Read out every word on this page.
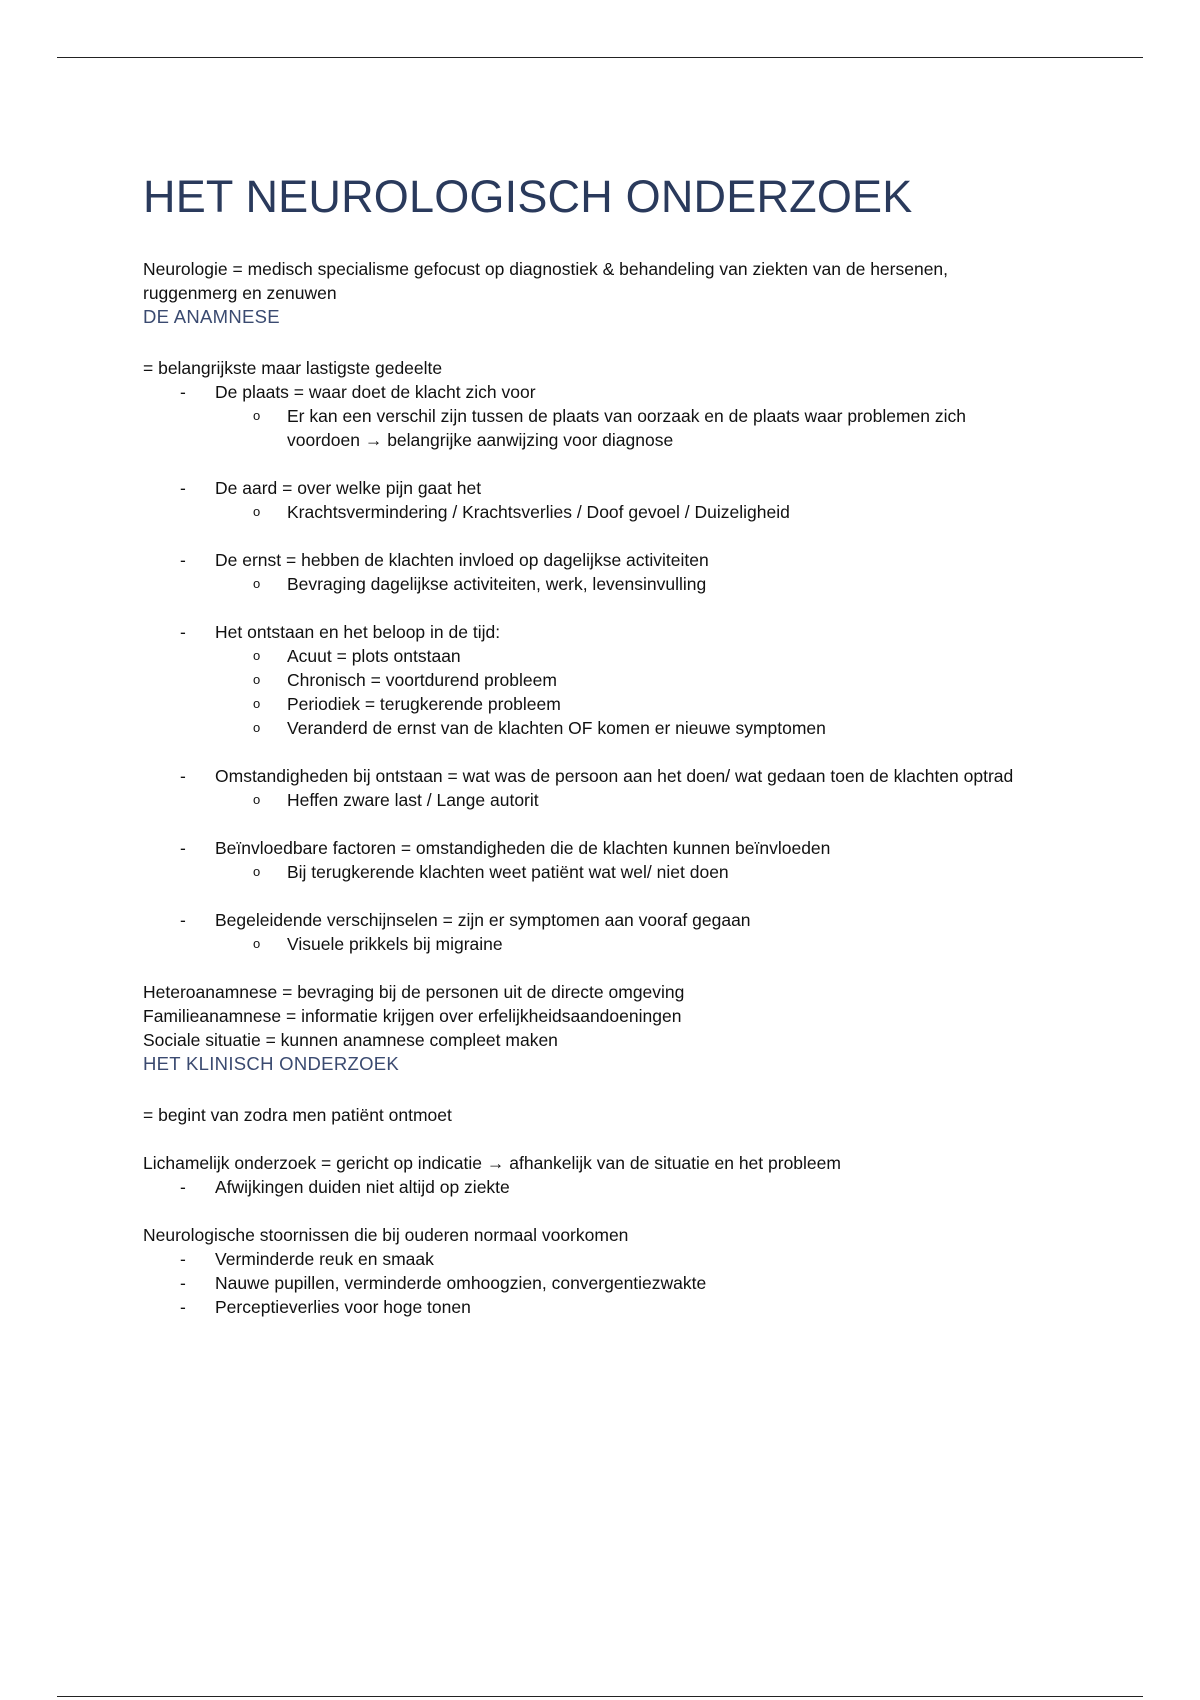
HET NEUROLOGISCH ONDERZOEK

Neurologie = medisch specialisme gefocust op diagnostiek & behandeling van ziekten van de hersenen, ruggenmerg en zenuwen

DE ANAMNESE

= belangrijkste maar lastigste gedeelte

- De plaats = waar doet de klacht zich voor
o Er kan een verschil zijn tussen de plaats van oorzaak en de plaats waar problemen zich voordoen → belangrijke aanwijzing voor diagnose
- De aard = over welke pijn gaat het
o Krachtsvermindering / Krachtsverlies / Doof gevoel / Duizeligheid
- De ernst = hebben de klachten invloed op dagelijkse activiteiten
o Bevraging dagelijkse activiteiten, werk, levensinvulling
- Het ontstaan en het beloop in de tijd:
o Acuut = plots ontstaan
o Chronisch = voortdurend probleem
o Periodiek = terugkerende probleem
o Veranderd de ernst van de klachten OF komen er nieuwe symptomen
- Omstandigheden bij ontstaan = wat was de persoon aan het doen/ wat gedaan toen de klachten optrad
o Heffen zware last / Lange autorit
- Beïnvloedbare factoren = omstandigheden die de klachten kunnen beïnvloeden
o Bij terugkerende klachten weet patiënt wat wel/ niet doen
- Begeleidende verschijnselen = zijn er symptomen aan vooraf gegaan
o Visuele prikkels bij migraine

Heteroanamnese = bevraging bij de personen uit de directe omgeving

Familieanamnese = informatie krijgen over erfelijkheidsaandoeningen

Sociale situatie = kunnen anamnese compleet maken

HET KLINISCH ONDERZOEK

= begint van zodra men patiënt ontmoet

Lichamelijk onderzoek = gericht op indicatie → afhankelijk van de situatie en het probleem

- Afwijkingen duiden niet altijd op ziekte

Neurologische stoornissen die bij ouderen normaal voorkomen

- Verminderde reuk en smaak
- Nauwe pupillen, verminderde omhoogzien, convergentiezwakte
- Perceptieverlies voor hoge tonen
